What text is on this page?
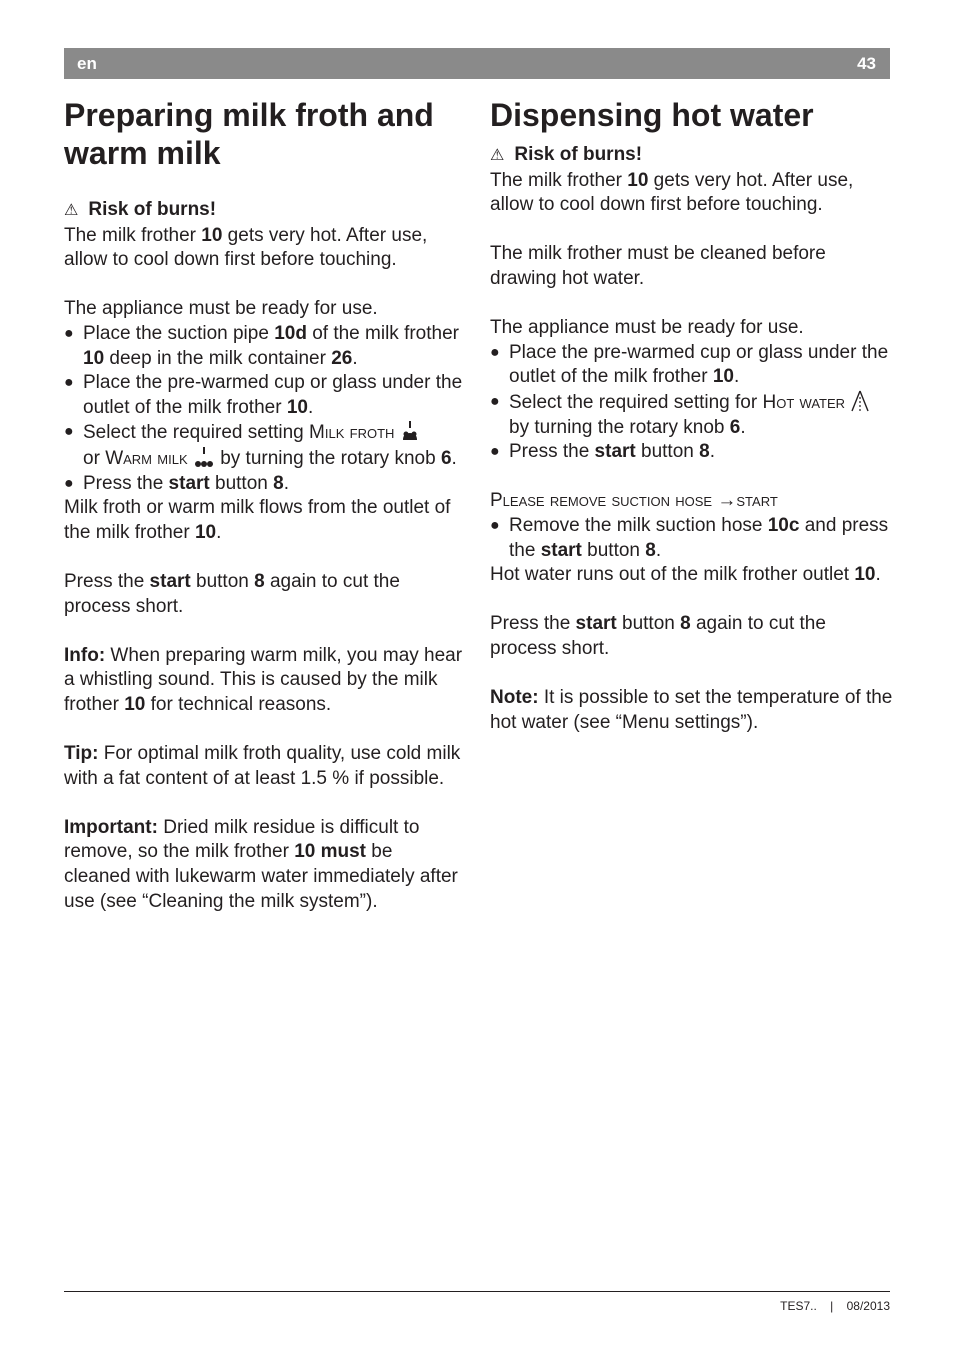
en	43
Preparing milk froth and warm milk

⚠ Risk of burns!

The milk frother 10 gets very hot. After use, allow to cool down first before touching.

The appliance must be ready for use.

● Place the suction pipe 10d of the milk frother 10 deep in the milk container 26.
● Place the pre-warmed cup or glass under the outlet of the milk frother 10.
● Select the required setting Milk froth
or Warm milk  by turning the rotary knob 6.
● Press the start button 8.

Milk froth or warm milk flows from the outlet of the milk frother 10.

Press the start button 8 again to cut the process short.

Info: When preparing warm milk, you may hear a whistling sound. This is caused by the milk frother 10 for technical reasons.

Tip: For optimal milk froth quality, use cold milk with a fat content of at least 1.5 % if possible.

Important: Dried milk residue is difficult to remove, so the milk frother 10 must be cleaned with lukewarm water immediately after use (see “Cleaning the milk system”).

Dispensing hot water

⚠ Risk of burns!

The milk frother 10 gets very hot. After use, allow to cool down first before touching.

The milk frother must be cleaned before drawing hot water.

The appliance must be ready for use.

● Place the pre-warmed cup or glass under the outlet of the milk frother 10.
● Select the required setting for Hot water  by turning the rotary knob 6.
● Press the start button 8.

Please remove suction hose →start

● Remove the milk suction hose 10c and press the start button 8.

Hot water runs out of the milk frother outlet 10.

Press the start button 8 again to cut the process short.

Note: It is possible to set the temperature of the hot water (see “Menu settings”).

TES7.. | 08/2013
